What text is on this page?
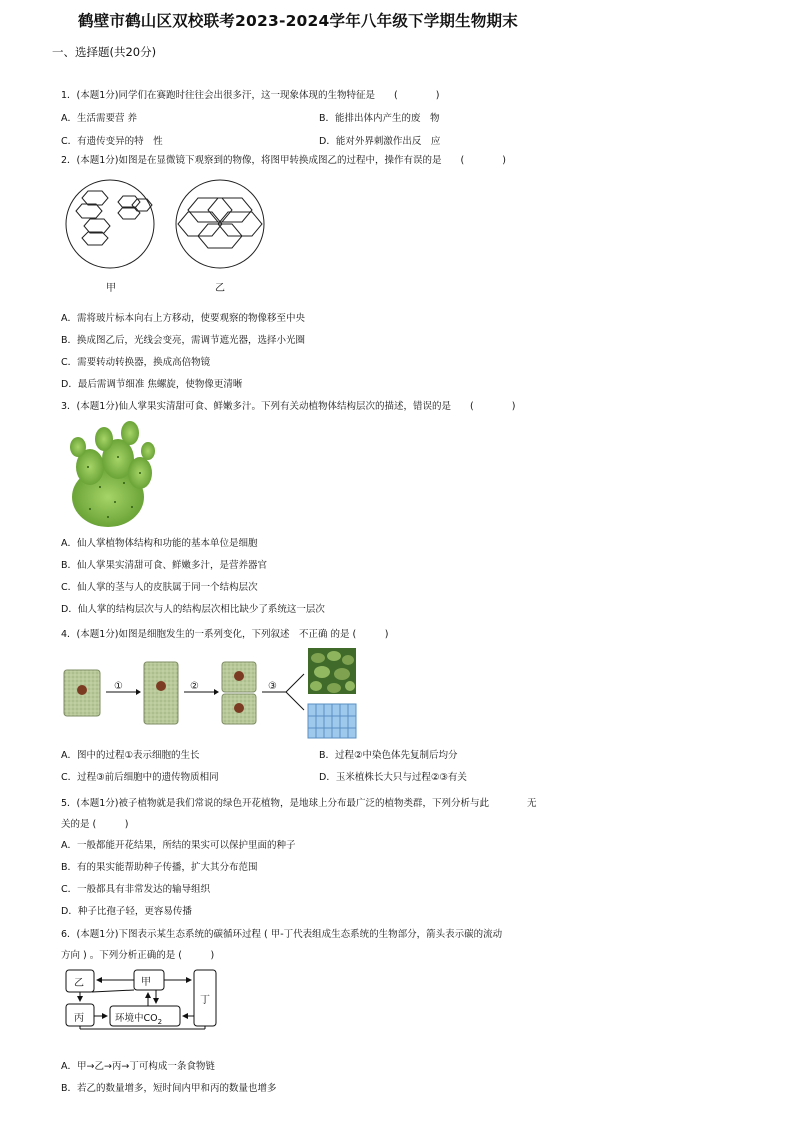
鹤壁市鹤山区双校联考2023-2024学年八年级下学期生物期末
一、选择题(共20分)
1．(本题1分)同学们在赛跑时往往会出很多汗，这一现象体现的生物特征是　　(　　　　)
A．生活需要营 养	B．能排出体内产生的废　物
C．有遗传变异的特　性	D．能对外界刺激作出反　应
2．(本题1分)如图是在显微镜下观察到的物像，将图甲转换成图乙的过程中，操作有误的是　　(　　　　)
甲	乙
A．需将玻片标本向右上方移动，使要观察的物像移至中央
B．换成图乙后，光线会变亮，需调节遮光器，选择小光圈
C．需要转动转换器，换成高倍物镜
D．最后需调节细准 焦螺旋，使物像更清晰
3．(本题1分)仙人掌果实清甜可食、鲜嫩多汁。下列有关动植物体结构层次的描述，错误的是　　(　　　　)
A．仙人掌植物体结构和功能的基本单位是细胞
B．仙人掌果实清甜可食、鲜嫩多汁，是营养器官
C．仙人掌的茎与人的皮肤属于同一个结构层次
D．仙人掌的结构层次与人的结构层次相比缺少了系统这一层次
4．(本题1分)如图是细胞发生的一系列变化，下列叙述　不正确 的是 (　　　)
①	②	③
A．图中的过程①表示细胞的生长	B．过程②中染色体先复制后均分
C．过程③前后细胞中的遗传物质相同	D．玉米植株长大只与过程②③有关
5．(本题1分)被子植物就是我们常说的绿色开花植物，是地球上分布最广泛的植物类群，下列分析与此　　　　无
关的是 (　　　)
A．一般都能开花结果，所结的果实可以保护里面的种子
B．有的果实能帮助种子传播，扩大其分布范围
C．一般都具有非常发达的输导组织
D．种子比孢子轻，更容易传播
6．(本题1分)下图表示某生态系统的碳循环过程 ( 甲-丁代表组成生态系统的生物部分，箭头表示碳的流动
方向 ) 。下列分析正确的是 (　　　)
乙	甲
丙
丁
环境中$CO_2$
A．甲→乙→丙→丁可构成一条食物链
B．若乙的数量增多，短时间内甲和丙的数量也增多
